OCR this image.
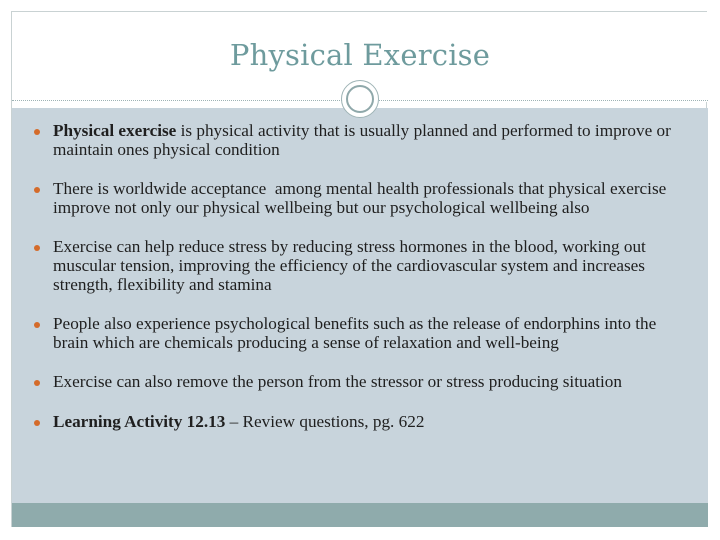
Physical Exercise
Physical exercise is physical activity that is usually planned and performed to improve or maintain ones physical condition
There is worldwide acceptance  among mental health professionals that physical exercise improve not only our physical wellbeing but our psychological wellbeing also
Exercise can help reduce stress by reducing stress hormones in the blood, working out muscular tension, improving the efficiency of the cardiovascular system and increases strength, flexibility and stamina
People also experience psychological benefits such as the release of endorphins into the brain which are chemicals producing a sense of relaxation and well-being
Exercise can also remove the person from the stressor or stress producing situation
Learning Activity 12.13 – Review questions, pg. 622
